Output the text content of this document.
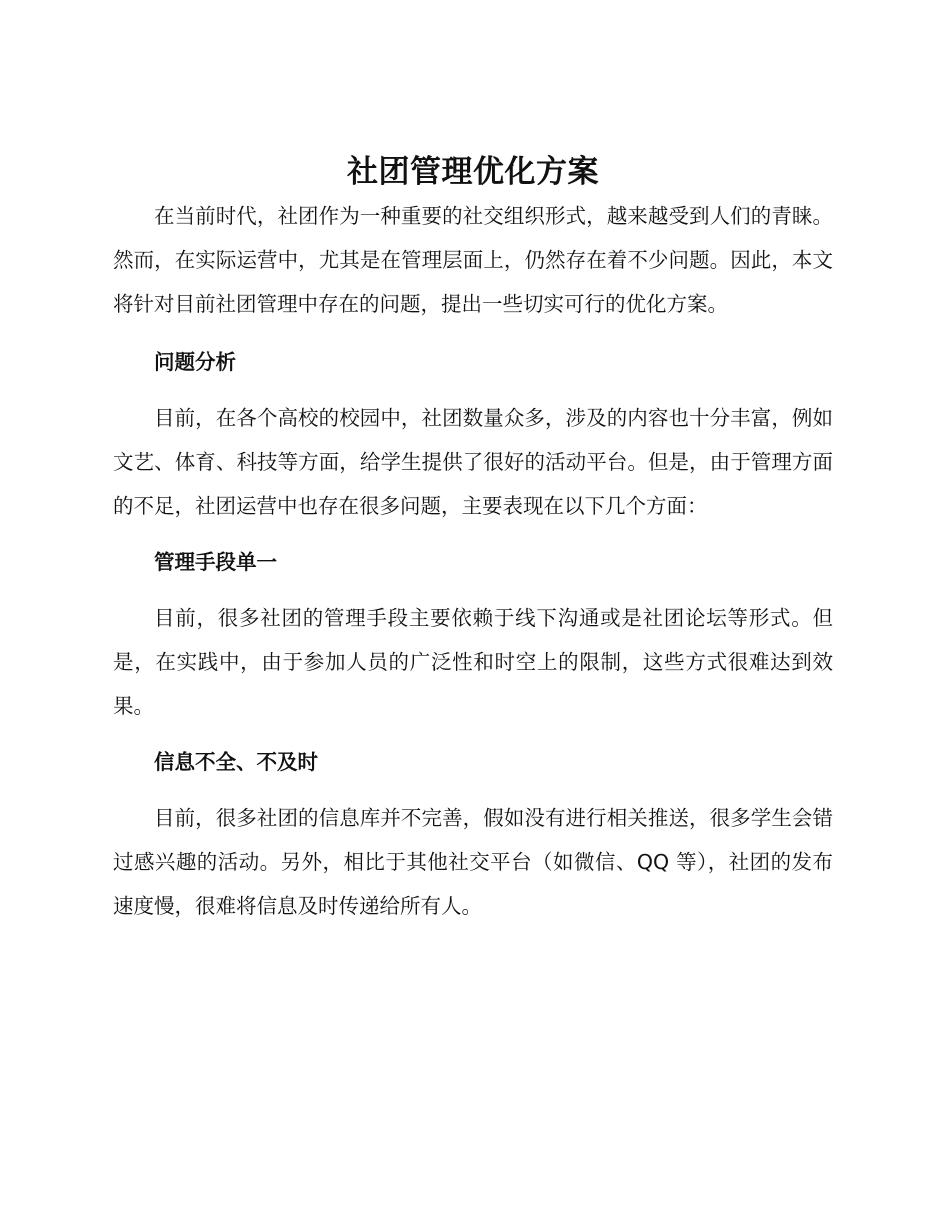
社团管理优化方案

在当前时代，社团作为一种重要的社交组织形式，越来越受到人们的青睐。然而，在实际运营中，尤其是在管理层面上，仍然存在着不少问题。因此，本文将针对目前社团管理中存在的问题，提出一些切实可行的优化方案。

问题分析

目前，在各个高校的校园中，社团数量众多，涉及的内容也十分丰富，例如文艺、体育、科技等方面，给学生提供了很好的活动平台。但是，由于管理方面的不足，社团运营中也存在很多问题，主要表现在以下几个方面：

管理手段单一

目前，很多社团的管理手段主要依赖于线下沟通或是社团论坛等形式。但是，在实践中，由于参加人员的广泛性和时空上的限制，这些方式很难达到效果。

信息不全、不及时

目前，很多社团的信息库并不完善，假如没有进行相关推送，很多学生会错过感兴趣的活动。另外，相比于其他社交平台（如微信、QQ 等），社团的发布速度慢，很难将信息及时传递给所有人。
